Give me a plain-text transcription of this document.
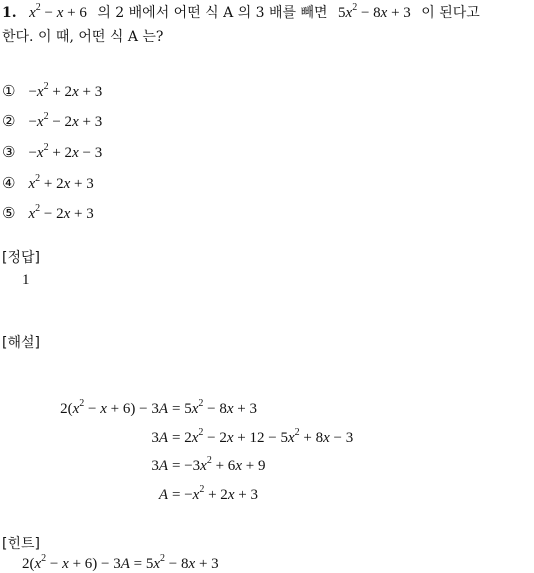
1. $x^2 - x + 6$ 의 2 배에서 어떤 식 A 의 3 배를 빼면 $5x^2 - 8x + 3$ 이 된다고
한다. 이 때, 어떤 식 A 는?
① $-x^2 + 2x + 3$
② $-x^2 - 2x + 3$
③ $-x^2 + 2x - 3$
④ $x^2 + 2x + 3$
⑤ $x^2 - 2x + 3$
[정답]
1
[해설]
$2(x^2 - x + 6) - 3A = 5x^2 - 8x + 3$
$3A = 2x^2 - 2x + 12 - 5x^2 + 8x - 3$
$3A = -3x^2 + 6x + 9$
$A = -x^2 + 2x + 3$
[힌트]
$2(x^2 - x + 6) - 3A = 5x^2 - 8x + 3$
